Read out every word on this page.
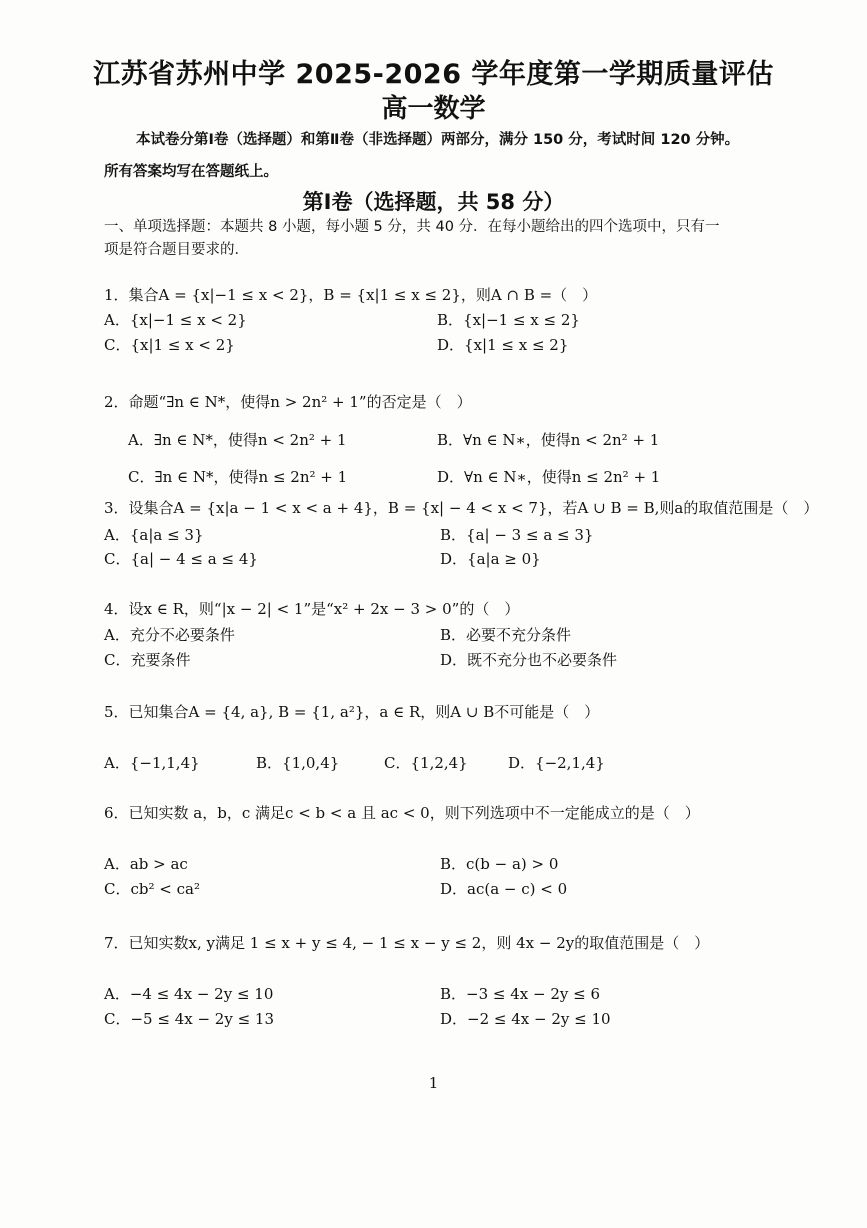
江苏省苏州中学 2025-2026 学年度第一学期质量评估
高一数学
本试卷分第Ⅰ卷（选择题）和第Ⅱ卷（非选择题）两部分，满分 150 分，考试时间 120 分钟。
所有答案均写在答题纸上。
第Ⅰ卷（选择题，共 58 分）
一、单项选择题：本题共 8 小题，每小题 5 分，共 40 分．在每小题给出的四个选项中，只有一
项是符合题目要求的．
1．集合A = {x|−1 ≤ x < 2}，B = {x|1 ≤ x ≤ 2}，则A ∩ B =（　）
A．{x|−1 ≤ x < 2}	B．{x|−1 ≤ x ≤ 2}
C．{x|1 ≤ x < 2}	D．{x|1 ≤ x ≤ 2}
2．命题“∃n ∈ N*，使得n > 2n² + 1”的否定是（　）
A．∃n ∈ N*，使得n < 2n² + 1	B．∀n ∈ N∗，使得n < 2n² + 1
C．∃n ∈ N*，使得n ≤ 2n² + 1	D．∀n ∈ N∗，使得n ≤ 2n² + 1
3．设集合A = {x|a − 1 < x < a + 4}，B = {x| − 4 < x < 7}，若A ∪ B = B,则a的取值范围是（　）
A．{a|a ≤ 3}	B．{a| − 3 ≤ a ≤ 3}
C．{a| − 4 ≤ a ≤ 4}	D．{a|a ≥ 0}
4．设x ∈ R，则“|x − 2| < 1”是“x² + 2x − 3 > 0”的（　）
A．充分不必要条件	B．必要不充分条件
C．充要条件	D．既不充分也不必要条件
5．已知集合A = {4, a}, B = {1, a²}，a ∈ R，则A ∪ B不可能是（　）
A．{−1,1,4}	B．{1,0,4}	C．{1,2,4}	D．{−2,1,4}
6．已知实数 a，b，c 满足c < b < a 且 ac < 0，则下列选项中不一定能成立的是（　）
A．ab > ac	B．c(b − a) > 0
C．cb² < ca²	D．ac(a − c) < 0
7．已知实数x, y满足 1 ≤ x + y ≤ 4, − 1 ≤ x − y ≤ 2，则 4x − 2y的取值范围是（　）
A．−4 ≤ 4x − 2y ≤ 10	B．−3 ≤ 4x − 2y ≤ 6
C．−5 ≤ 4x − 2y ≤ 13	D．−2 ≤ 4x − 2y ≤ 10
1
